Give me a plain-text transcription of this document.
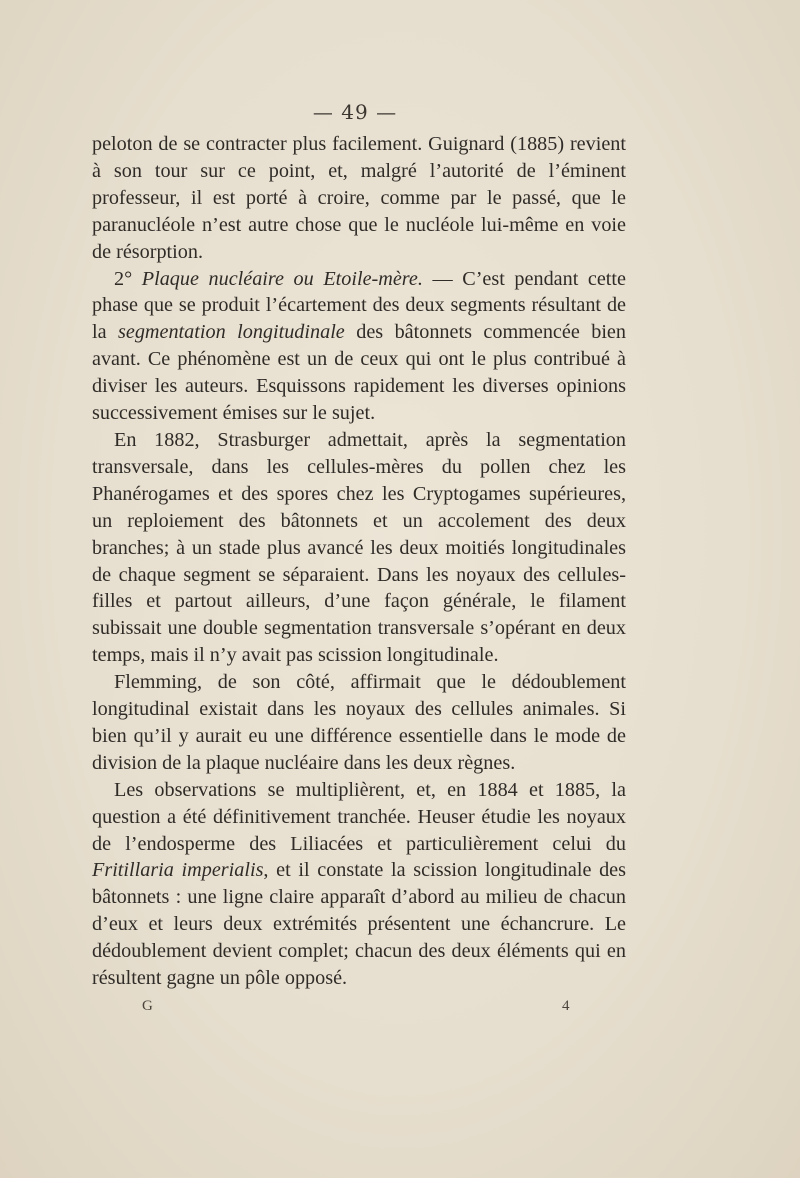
— 49 —

peloton de se contracter plus facilement. Guignard (1885) revient à son tour sur ce point, et, malgré l’autorité de l’éminent professeur, il est porté à croire, comme par le passé, que le paranucléole n’est autre chose que le nucléole lui-même en voie de résorption.

2° Plaque nucléaire ou Etoile-mère. — C’est pendant cette phase que se produit l’écartement des deux segments résultant de la segmentation longitudinale des bâtonnets commencée bien avant. Ce phénomène est un de ceux qui ont le plus contribué à diviser les auteurs. Esquissons rapidement les diverses opinions successivement émises sur le sujet.

En 1882, Strasburger admettait, après la segmentation transversale, dans les cellules-mères du pollen chez les Phanérogames et des spores chez les Cryptogames supérieures, un reploiement des bâtonnets et un accolement des deux branches; à un stade plus avancé les deux moitiés longitudinales de chaque segment se séparaient. Dans les noyaux des cellules-filles et partout ailleurs, d’une façon générale, le filament subissait une double segmentation transversale s’opérant en deux temps, mais il n’y avait pas scission longitudinale.

Flemming, de son côté, affirmait que le dédoublement longitudinal existait dans les noyaux des cellules animales. Si bien qu’il y aurait eu une différence essentielle dans le mode de division de la plaque nucléaire dans les deux règnes.

Les observations se multiplièrent, et, en 1884 et 1885, la question a été définitivement tranchée. Heuser étudie les noyaux de l’endosperme des Liliacées et particulièrement celui du Fritillaria imperialis, et il constate la scission longitudinale des bâtonnets : une ligne claire apparaît d’abord au milieu de chacun d’eux et leurs deux extrémités présentent une échancrure. Le dédoublement devient complet; chacun des deux éléments qui en résultent gagne un pôle opposé.

G	4
